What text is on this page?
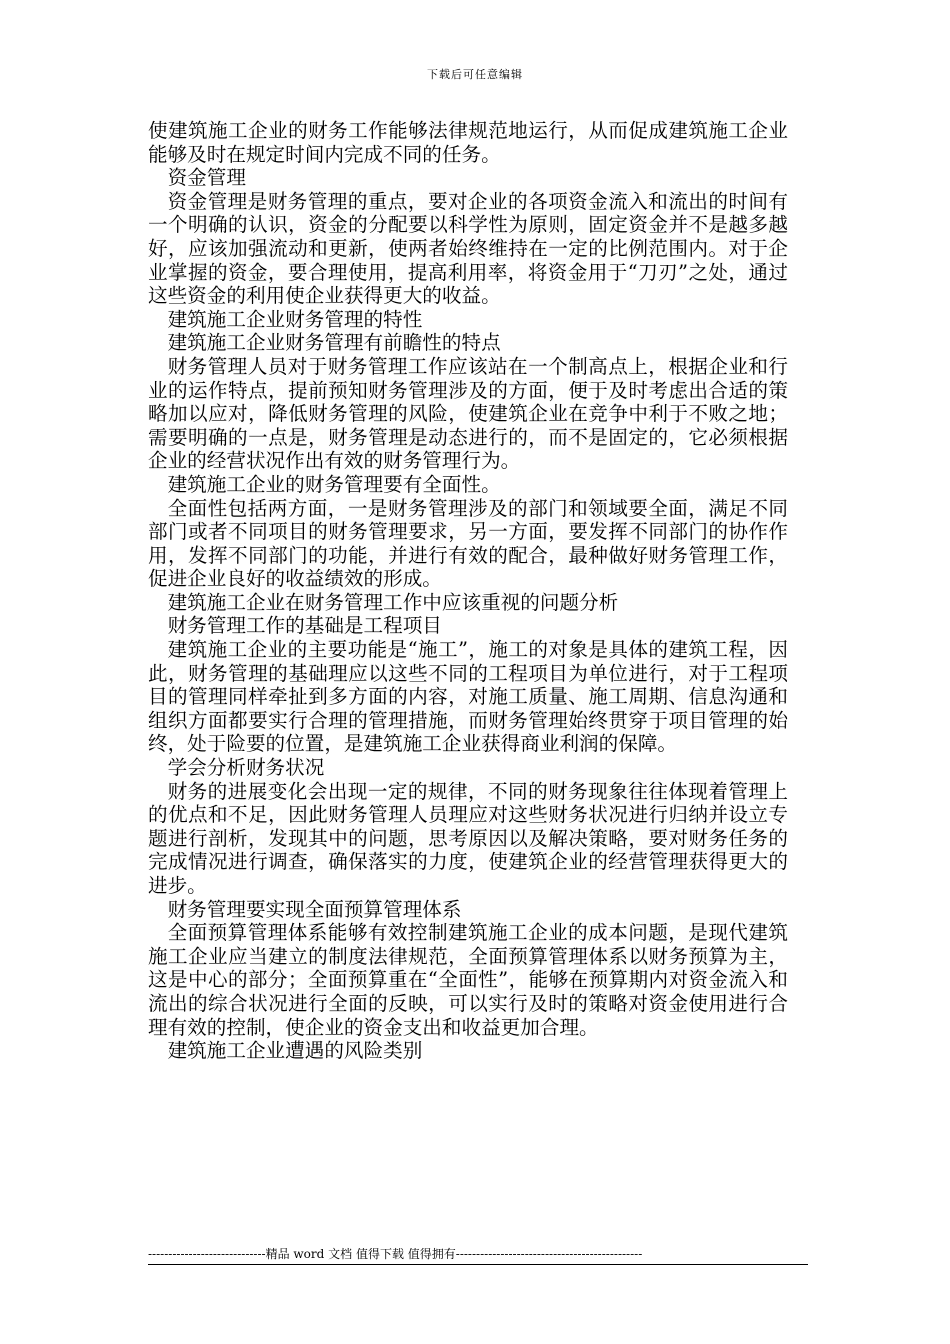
下载后可任意编辑

使建筑施工企业的财务工作能够法律规范地运行，从而促成建筑施工企业能够及时在规定时间内完成不同的任务。

资金管理

资金管理是财务管理的重点，要对企业的各项资金流入和流出的时间有一个明确的认识，资金的分配要以科学性为原则，固定资金并不是越多越好，应该加强流动和更新，使两者始终维持在一定的比例范围内。对于企业掌握的资金，要合理使用，提高利用率，将资金用于“刀刃”之处，通过这些资金的利用使企业获得更大的收益。

建筑施工企业财务管理的特性

建筑施工企业财务管理有前瞻性的特点

财务管理人员对于财务管理工作应该站在一个制高点上，根据企业和行业的运作特点，提前预知财务管理涉及的方面，便于及时考虑出合适的策略加以应对，降低财务管理的风险，使建筑企业在竞争中利于不败之地；需要明确的一点是，财务管理是动态进行的，而不是固定的，它必须根据企业的经营状况作出有效的财务管理行为。

建筑施工企业的财务管理要有全面性。

全面性包括两方面，一是财务管理涉及的部门和领域要全面，满足不同部门或者不同项目的财务管理要求，另一方面，要发挥不同部门的协作作用，发挥不同部门的功能，并进行有效的配合，最种做好财务管理工作，促进企业良好的收益绩效的形成。

建筑施工企业在财务管理工作中应该重视的问题分析

财务管理工作的基础是工程项目

建筑施工企业的主要功能是“施工”，施工的对象是具体的建筑工程，因此，财务管理的基础理应以这些不同的工程项目为单位进行，对于工程项目的管理同样牵扯到多方面的内容，对施工质量、施工周期、信息沟通和组织方面都要实行合理的管理措施，而财务管理始终贯穿于项目管理的始终，处于险要的位置，是建筑施工企业获得商业利润的保障。

学会分析财务状况

财务的进展变化会出现一定的规律，不同的财务现象往往体现着管理上的优点和不足，因此财务管理人员理应对这些财务状况进行归纳并设立专题进行剖析，发现其中的问题，思考原因以及解决策略，要对财务任务的完成情况进行调查，确保落实的力度，使建筑企业的经营管理获得更大的进步。

财务管理要实现全面预算管理体系

全面预算管理体系能够有效控制建筑施工企业的成本问题，是现代建筑施工企业应当建立的制度法律规范，全面预算管理体系以财务预算为主，这是中心的部分；全面预算重在“全面性”，能够在预算期内对资金流入和流出的综合状况进行全面的反映，可以实行及时的策略对资金使用进行合理有效的控制，使企业的资金支出和收益更加合理。

建筑施工企业遭遇的风险类别

-----------------------------精品 word 文档 值得下载 值得拥有----------------------------------------------
